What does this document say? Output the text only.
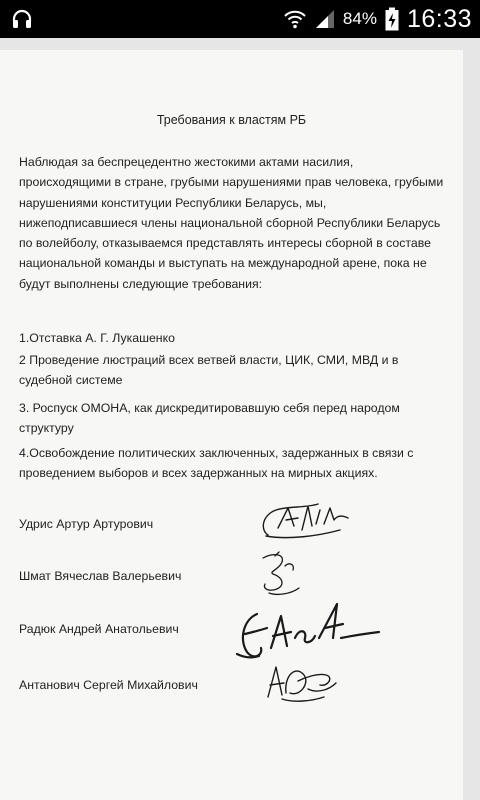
84% 16:33
Требования к властям РБ
Наблюдая за беспрецедентно жестокими актами насилия, происходящими в стране, грубыми нарушениями прав человека, грубыми нарушениями конституции Республики Беларусь, мы, нижеподписавшиеся члены национальной сборной Республики Беларусь по волейболу, отказываемся представлять интересы сборной в составе национальной команды и выступать на международной арене, пока не будут выполнены следующие требования:
1.Отставка А. Г. Лукашенко
2 Проведение люстраций всех ветвей власти, ЦИК, СМИ, МВД и в судебной системе
3. Роспуск ОМОНА, как дискредитировавшую себя перед народом структуру
4.Освобождение политических заключенных, задержанных в связи с проведением выборов и всех задержанных на мирных акциях.
Удрис Артур Артурович
Шмат Вячеслав Валерьевич
Радюк Андрей Анатольевич
Антанович Сергей Михайлович
